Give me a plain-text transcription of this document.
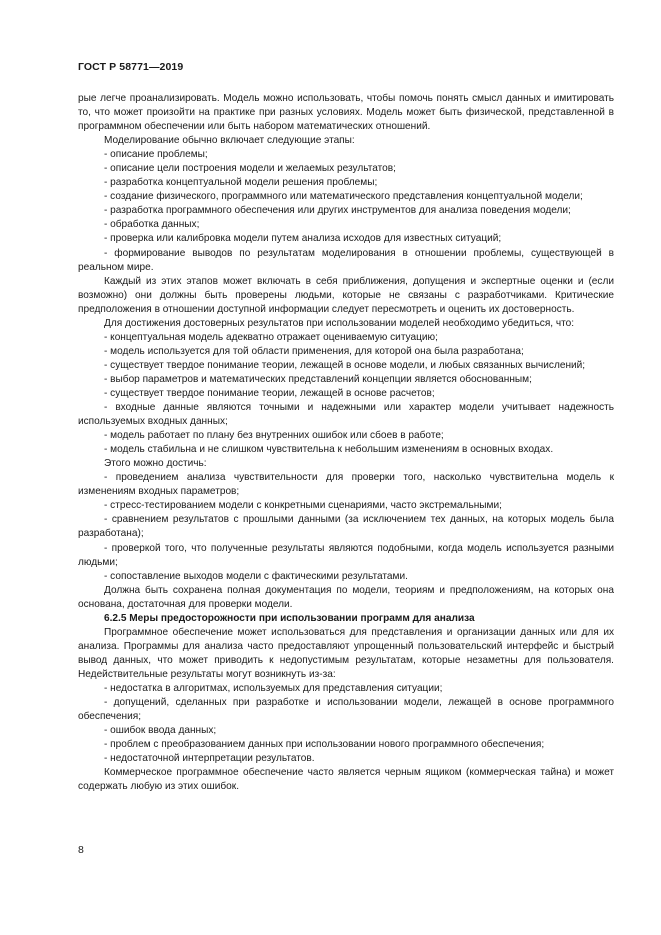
ГОСТ Р 58771—2019

рые легче проанализировать. Модель можно использовать, чтобы помочь понять смысл данных и имитировать то, что может произойти на практике при разных условиях. Модель может быть физической, представленной в программном обеспечении или быть набором математических отношений.

Моделирование обычно включает следующие этапы:

- описание проблемы;

- описание цели построения модели и желаемых результатов;

- разработка концептуальной модели решения проблемы;

- создание физического, программного или математического представления концептуальной модели;

- разработка программного обеспечения или других инструментов для анализа поведения модели;

- обработка данных;

- проверка или калибровка модели путем анализа исходов для известных ситуаций;

- формирование выводов по результатам моделирования в отношении проблемы, существующей в реальном мире.

Каждый из этих этапов может включать в себя приближения, допущения и экспертные оценки и (если возможно) они должны быть проверены людьми, которые не связаны с разработчиками. Критические предположения в отношении доступной информации следует пересмотреть и оценить их достоверность.

Для достижения достоверных результатов при использовании моделей необходимо убедиться, что:

- концептуальная модель адекватно отражает оцениваемую ситуацию;

- модель используется для той области применения, для которой она была разработана;

- существует твердое понимание теории, лежащей в основе модели, и любых связанных вычислений;

- выбор параметров и математических представлений концепции является обоснованным;

- существует твердое понимание теории, лежащей в основе расчетов;

- входные данные являются точными и надежными или характер модели учитывает надежность используемых входных данных;

- модель работает по плану без внутренних ошибок или сбоев в работе;

- модель стабильна и не слишком чувствительна к небольшим изменениям в основных входах.

Этого можно достичь:

- проведением анализа чувствительности для проверки того, насколько чувствительна модель к изменениям входных параметров;

- стресс-тестированием модели с конкретными сценариями, часто экстремальными;

- сравнением результатов с прошлыми данными (за исключением тех данных, на которых модель была разработана);

- проверкой того, что полученные результаты являются подобными, когда модель используется разными людьми;

- сопоставление выходов модели с фактическими результатами.

Должна быть сохранена полная документация по модели, теориям и предположениям, на которых она основана, достаточная для проверки модели.

6.2.5 Меры предосторожности при использовании программ для анализа

Программное обеспечение может использоваться для представления и организации данных или для их анализа. Программы для анализа часто предоставляют упрощенный пользовательский интерфейс и быстрый вывод данных, что может приводить к недопустимым результатам, которые незаметны для пользователя. Недействительные результаты могут возникнуть из-за:

- недостатка в алгоритмах, используемых для представления ситуации;

- допущений, сделанных при разработке и использовании модели, лежащей в основе программного обеспечения;

- ошибок ввода данных;

- проблем с преобразованием данных при использовании нового программного обеспечения;

- недостаточной интерпретации результатов.

Коммерческое программное обеспечение часто является черным ящиком (коммерческая тайна) и может содержать любую из этих ошибок.

8
